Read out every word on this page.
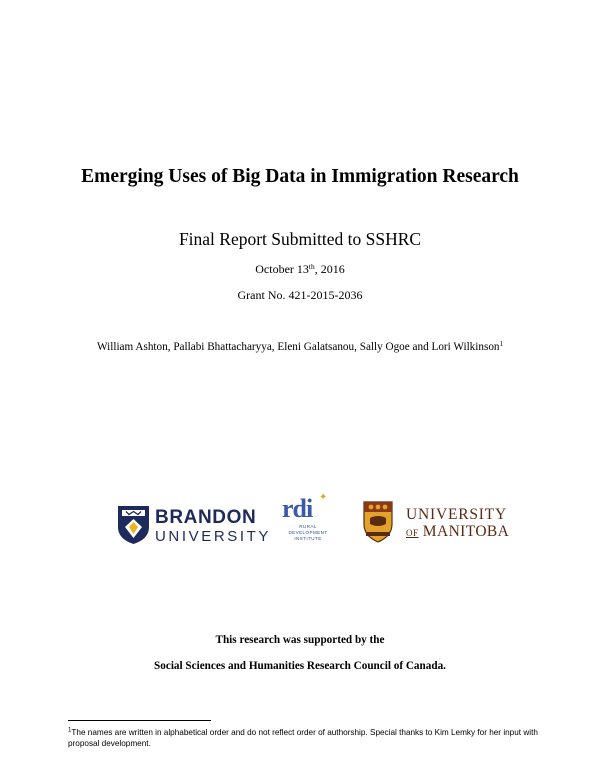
Emerging Uses of Big Data in Immigration Research
Final Report Submitted to SSHRC
October 13th, 2016
Grant No. 421-2015-2036
William Ashton, Pallabi Bhattacharyya, Eleni Galatsanou, Sally Ogoe and Lori Wilkinson$^1$
BRANDON
UNIVERSITY
rdi ✦
RURAL
DEVELOPMENT
INSTITUTE
UNIVERSITY
OF MANITOBA
This research was supported by the
Social Sciences and Humanities Research Council of Canada.
$^1$The names are written in alphabetical order and do not reflect order of authorship. Special thanks to Kim Lemky for her input with proposal development.
